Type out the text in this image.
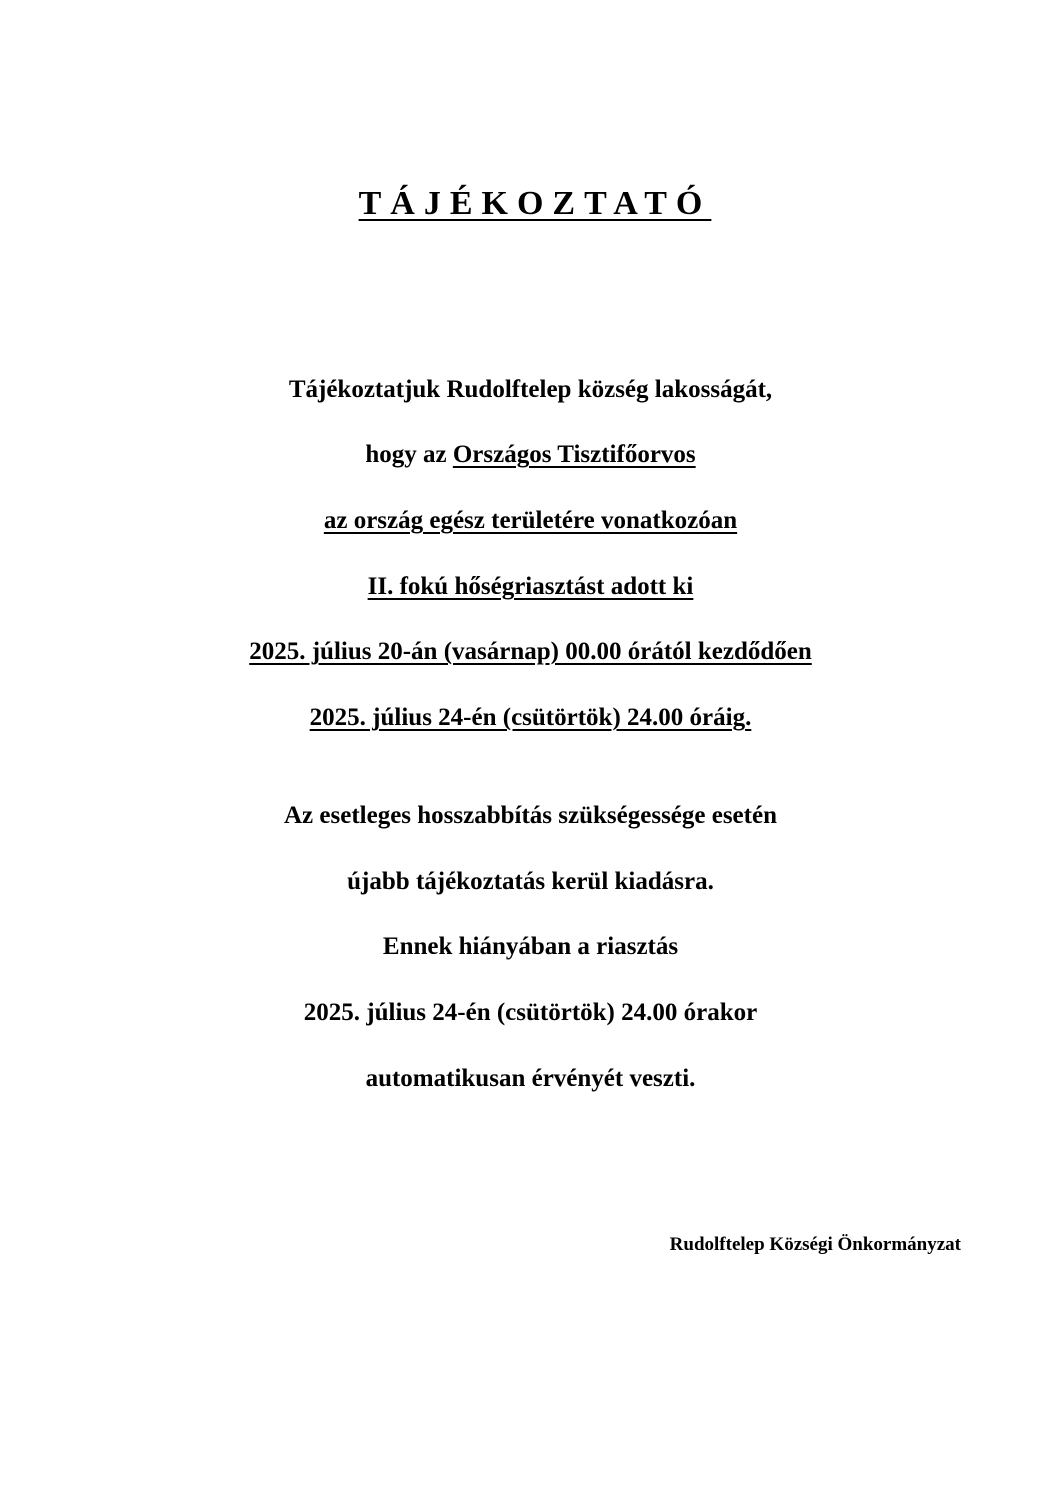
TÁJÉKOZTATÓ
Tájékoztatjuk Rudolftelep község lakosságát,
hogy az Országos Tisztifőorvos
az ország egész területére vonatkozóan
II. fokú hőségriasztást adott ki
2025. július 20-án (vasárnap) 00.00 órától kezdődően
2025. július 24-én (csütörtök) 24.00 óráig.
Az esetleges hosszabbítás szükségessége esetén
újabb tájékoztatás kerül kiadásra.
Ennek hiányában a riasztás
2025. július 24-én (csütörtök) 24.00 órakor
automatikusan érvényét veszti.
Rudolftelep Községi Önkormányzat
